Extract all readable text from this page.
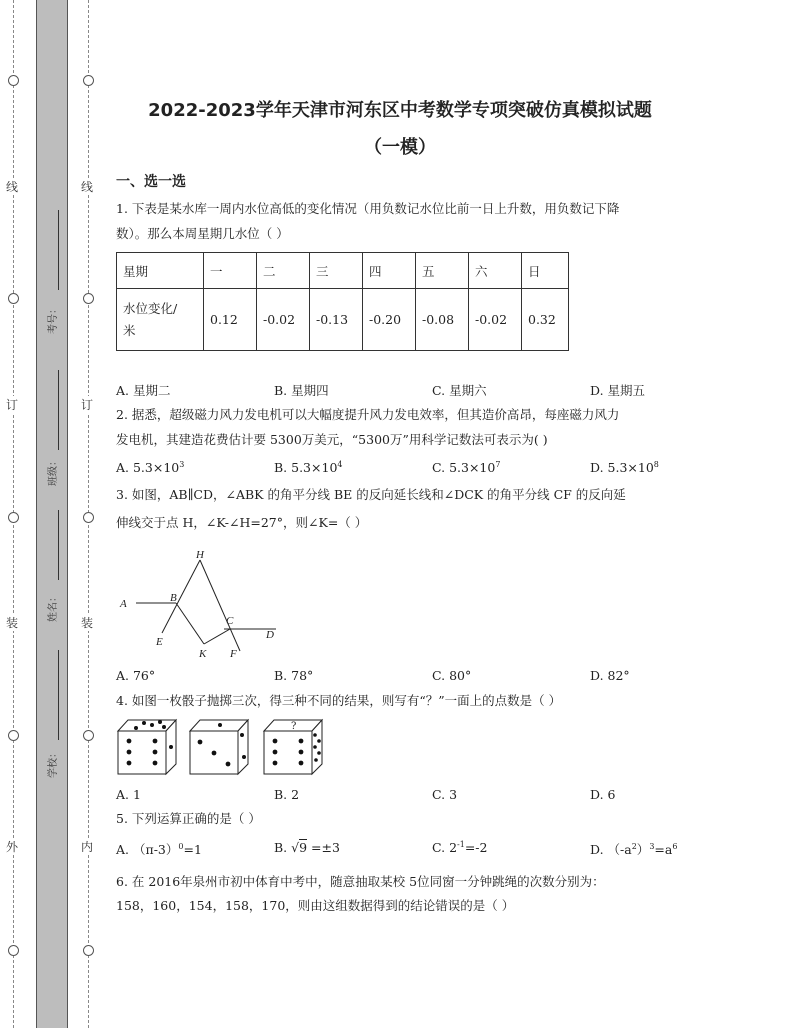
线
订
装
外
线
订
装
内
考号：
班级：
姓名：
学校：
2022-2023学年天津市河东区中考数学专项突破仿真模拟试题
（一模）
一、选一选
1. 下表是某水库一周内水位高低的变化情况（用负数记水位比前一日上升数，用负数记下降
数）。那么本周星期几水位（ ）
星期	一	二	三	四	五	六	日
水位变化/
米	0.12	-0.02	-0.13	-0.20	-0.08	-0.02	0.32
A. 星期二	B. 星期四	C. 星期六	D. 星期五
2. 据悉，超级磁力风力发电机可以大幅度提升风力发电效率，但其造价高昂，每座磁力风力
发电机，其建造花费估计要 5300万美元，“5300万”用科学记数法可表示为( )
A. $5.3\times 10^3$	B. $5.3\times 10^4$	C. $5.3\times 10^7$	D. $5.3\times 10^8$
3. 如图，AB∥CD，∠ABK 的角平分线 BE 的反向延长线和∠DCK 的角平分线 CF 的反向延
伸线交于点 H，∠K-∠H=27°，则∠K=（ ）
H
A	B
C
D
E
K F
A. 76°	B. 78°	C. 80°	D. 82°
4. 如图一枚骰子抛掷三次，得三种不同的结果，则写有“？”一面上的点数是（ ）
?
A. 1	B. 2	C. 3	D. 6
5. 下列运算正确的是（ ）
A. $(\pi-3)^0=1$	B. √9 =±3	C. $2^{-1}=-2$	D. $(-a^2)^3=a^6$
6. 在 2016年泉州市初中体育中考中，随意抽取某校 5位同窗一分钟跳绳的次数分别为：
158，160，154，158，170，则由这组数据得到的结论错误的是（ ）
